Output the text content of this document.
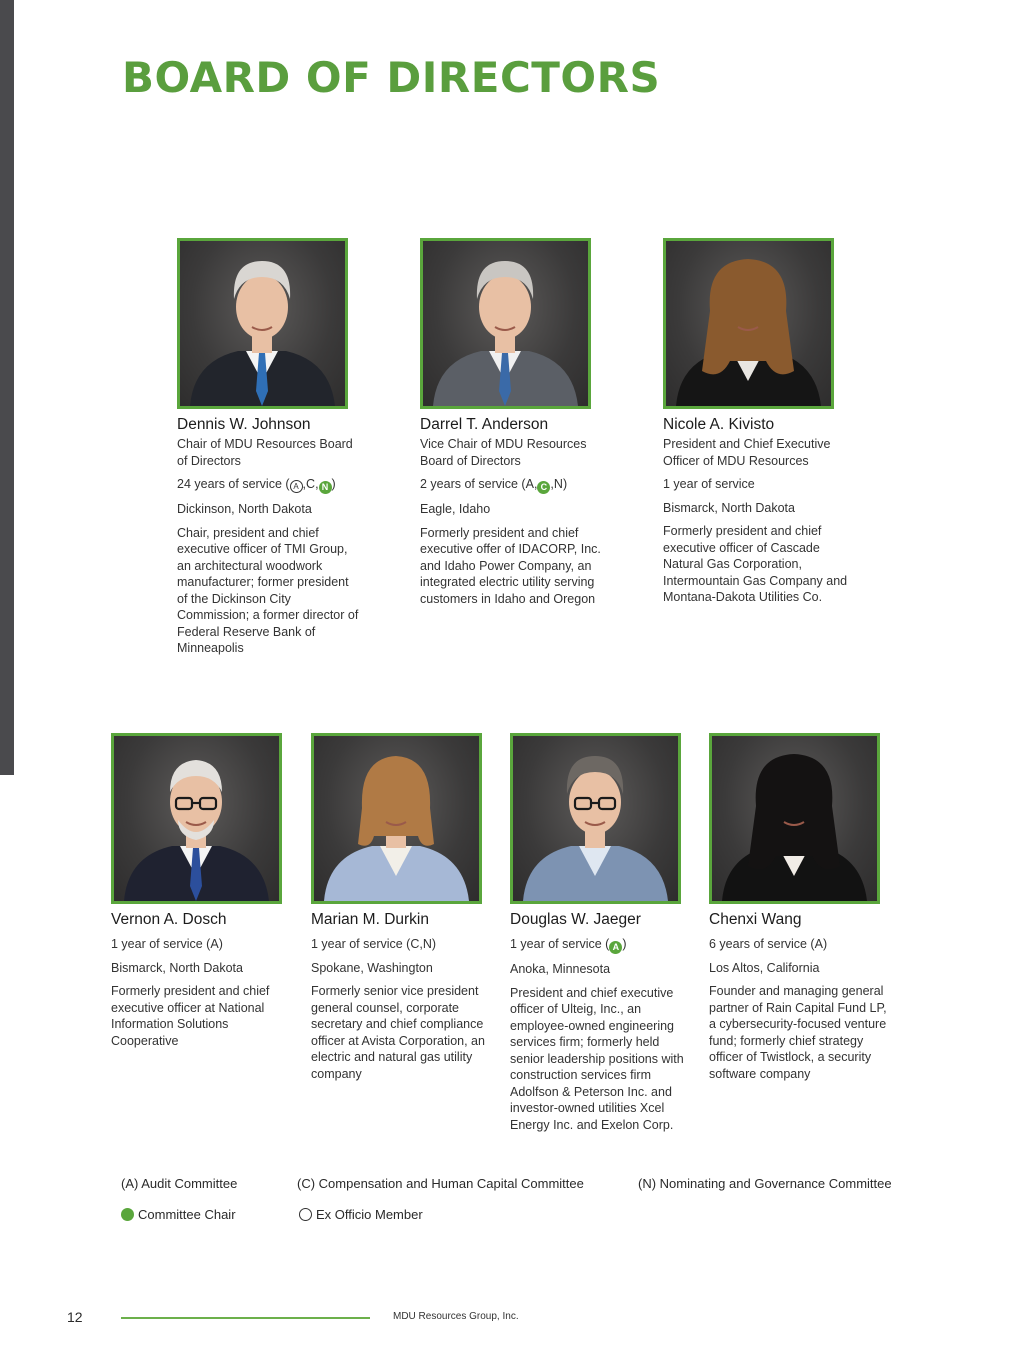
BOARD OF DIRECTORS
Dennis W. Johnson
Chair of MDU Resources Board of Directors
24 years of service ( A ,C, N )
Dickinson, North Dakota
Chair, president and chief executive officer of TMI Group, an architectural woodwork manufacturer; former president of the Dickinson City Commission; a former director of Federal Reserve Bank of Minneapolis
Darrel T. Anderson
Vice Chair of MDU Resources Board of Directors
2 years of service (A, C ,N)
Eagle, Idaho
Formerly president and chief executive offer of IDACORP, Inc. and Idaho Power Company, an integrated electric utility serving customers in Idaho and Oregon
Nicole A. Kivisto
President and Chief Executive Officer of MDU Resources
1 year of service
Bismarck, North Dakota
Formerly president and chief executive officer of Cascade Natural Gas Corporation, Intermountain Gas Company and Montana-Dakota Utilities Co.
Vernon A. Dosch
1 year of service (A)
Bismarck, North Dakota
Formerly president and chief executive officer at National Information Solutions Cooperative
Marian M. Durkin
1 year of service (C,N)
Spokane, Washington
Formerly senior vice president general counsel, corporate secretary and chief compliance officer at Avista Corporation, an electric and natural gas utility company
Douglas W. Jaeger
1 year of service ( A )
Anoka, Minnesota
President and chief executive officer of Ulteig, Inc., an employee-owned engineering services firm; formerly held senior leadership positions with construction services firm Adolfson & Peterson Inc. and investor-owned utilities Xcel Energy Inc. and Exelon Corp.
Chenxi Wang
6 years of service (A)
Los Altos, California
Founder and managing general partner of Rain Capital Fund LP, a cybersecurity-focused venture fund; formerly chief strategy officer of Twistlock, a security software company
(A) Audit Committee	(C) Compensation and Human Capital Committee	(N) Nominating and Governance Committee
Committee Chair	Ex Officio Member
12	MDU Resources Group, Inc.
